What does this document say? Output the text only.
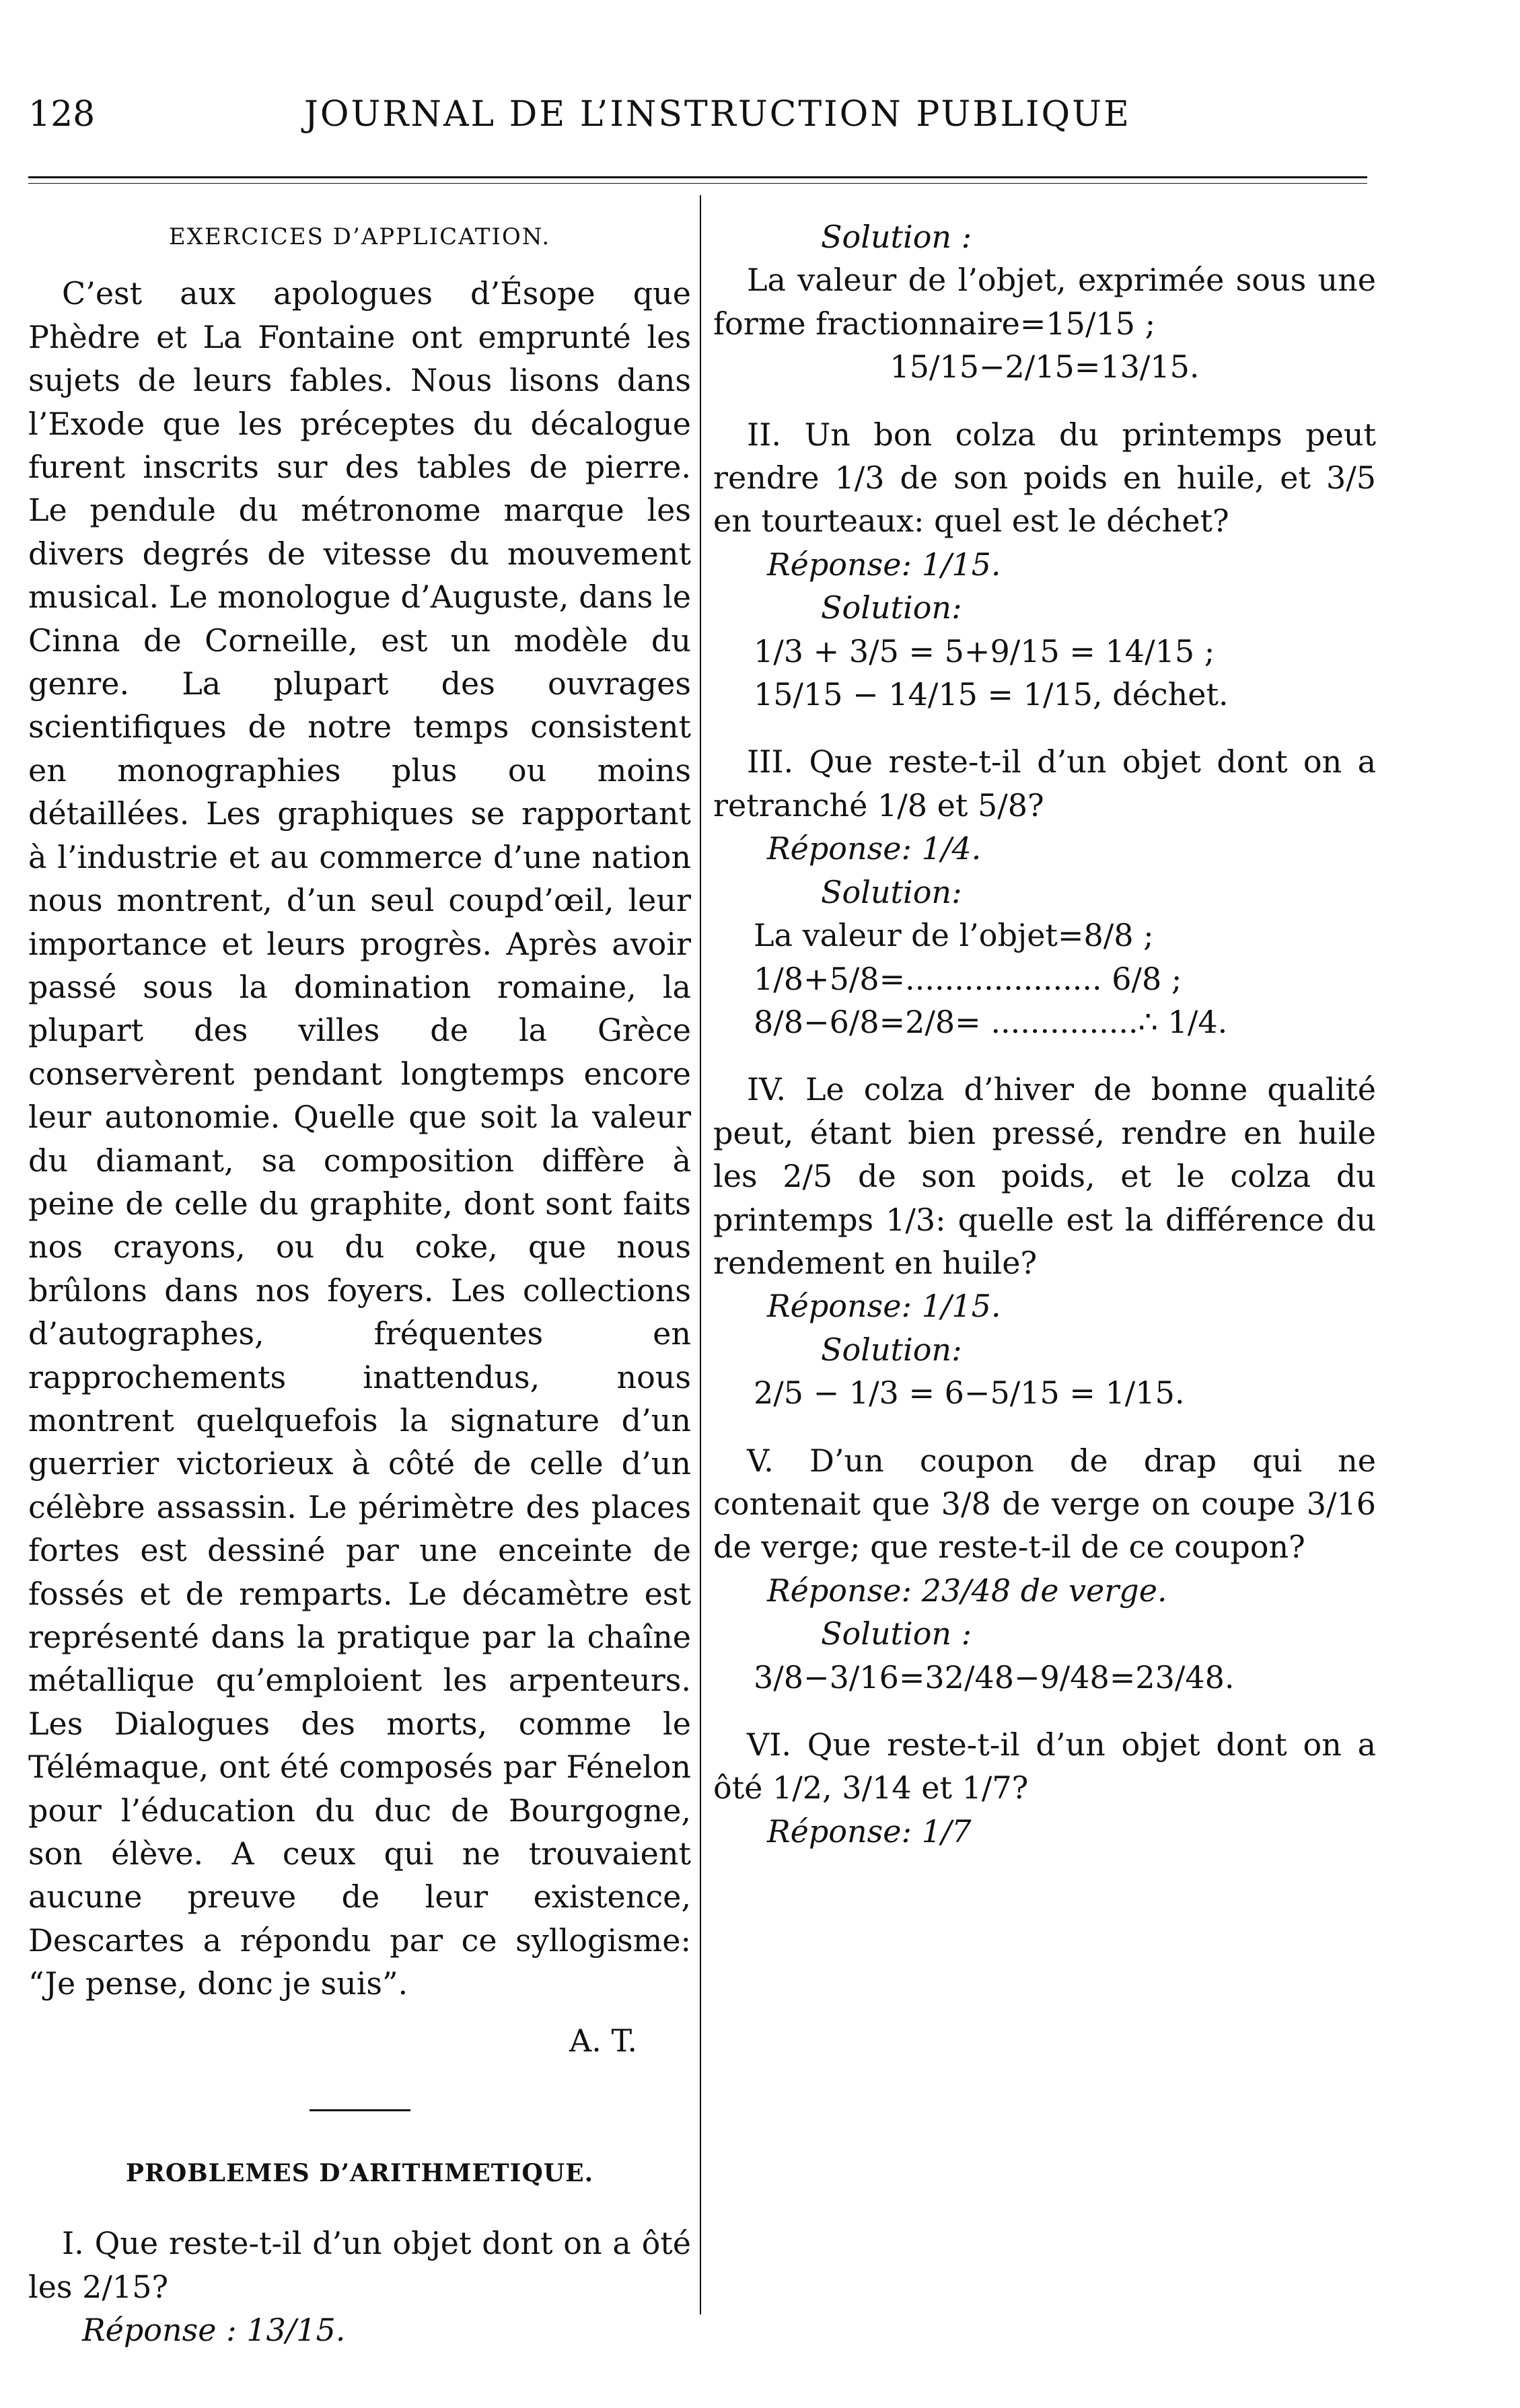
128	JOURNAL DE L’INSTRUCTION PUBLIQUE
EXERCICES D’APPLICATION.

C’est aux apologues d’Ésope que Phèdre et La Fontaine ont emprunté les sujets de leurs fables. Nous lisons dans l’Exode que les préceptes du décalogue furent inscrits sur des tables de pierre. Le pendule du métronome marque les divers degrés de vitesse du mouvement musical. Le monologue d’Auguste, dans le Cinna de Corneille, est un modèle du genre. La plupart des ouvrages scientifiques de notre temps consistent en monographies plus ou moins détaillées. Les graphiques se rapportant à l’industrie et au commerce d’une nation nous montrent, d’un seul coupd’œil, leur importance et leurs progrès. Après avoir passé sous la domination romaine, la plupart des villes de la Grèce conservèrent pendant longtemps encore leur autonomie. Quelle que soit la valeur du diamant, sa composition diffère à peine de celle du graphite, dont sont faits nos crayons, ou du coke, que nous brûlons dans nos foyers. Les collections d’autographes, fréquentes en rapprochements inattendus, nous montrent quelquefois la signature d’un guerrier victorieux à côté de celle d’un célèbre assassin. Le périmètre des places fortes est dessiné par une enceinte de fossés et de remparts. Le décamètre est représenté dans la pratique par la chaîne métallique qu’emploient les arpenteurs. Les Dialogues des morts, comme le Télémaque, ont été composés par Fénelon pour l’éducation du duc de Bourgogne, son élève. A ceux qui ne trouvaient aucune preuve de leur existence, Descartes a répondu par ce syllogisme: “Je pense, donc je suis”.

A. T.
PROBLEMES D’ARITHMETIQUE.

I. Que reste-t-il d’un objet dont on a ôté les 2/15?

Réponse : 13/15.
Solution :

La valeur de l’objet, exprimée sous une forme fractionnaire=15/15 ;

15/15−2/15=13/15.

II. Un bon colza du printemps peut rendre 1/3 de son poids en huile, et 3/5 en tourteaux: quel est le déchet?

Réponse: 1/15.
Solution:
1/3 + 3/5 = 5+9/15 = 14/15 ;
15/15 − 14/15 = 1/15, déchet.

III. Que reste-t-il d’un objet dont on a retranché 1/8 et 5/8?

Réponse: 1/4.
Solution:
La valeur de l’objet=8/8 ;
1/8+5/8=.................... 6/8 ;
8/8−6/8=2/8= ...............∴ 1/4.

IV. Le colza d’hiver de bonne qualité peut, étant bien pressé, rendre en huile les 2/5 de son poids, et le colza du printemps 1/3: quelle est la différence du rendement en huile?

Réponse: 1/15.
Solution:
2/5 − 1/3 = 6−5/15 = 1/15.

V. D’un coupon de drap qui ne contenait que 3/8 de verge on coupe 3/16 de verge; que reste-t-il de ce coupon?

Réponse: 23/48 de verge.
Solution :
3/8−3/16=32/48−9/48=23/48.

VI. Que reste-t-il d’un objet dont on a ôté 1/2, 3/14 et 1/7?

Réponse: 1/7
